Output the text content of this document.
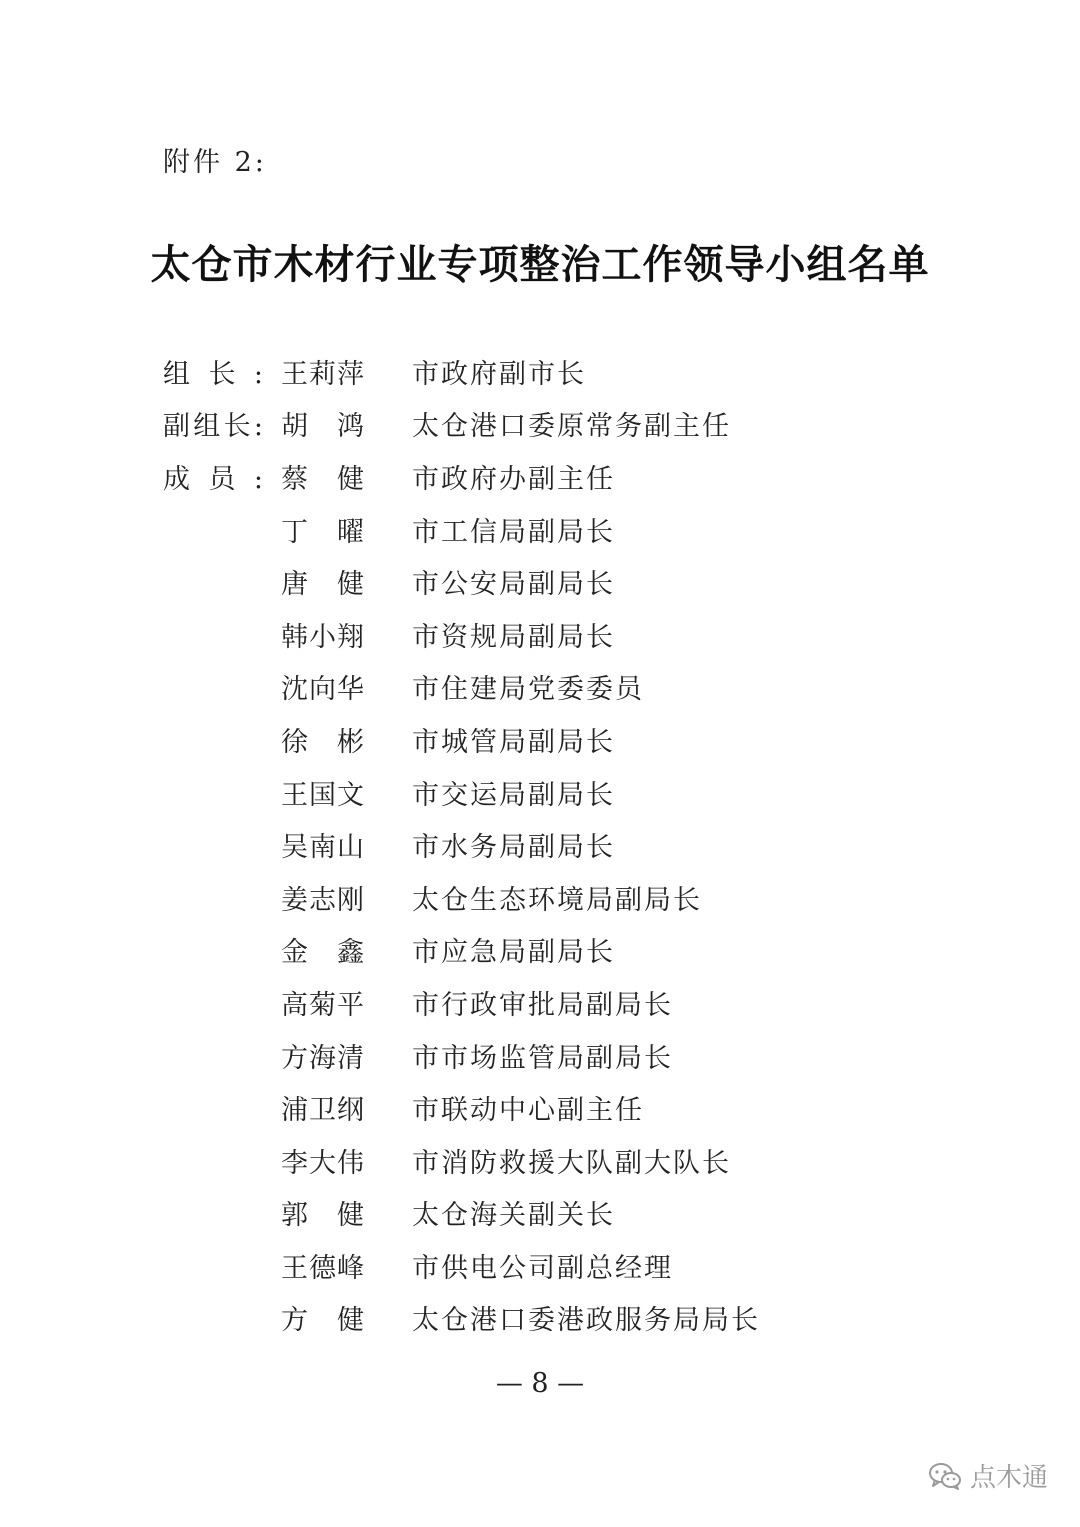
附件 2:
太仓市木材行业专项整治工作领导小组名单
组长: 王莉萍 市政府副市长
副组长: 胡鸿 太仓港口委原常务副主任
成员: 蔡健 市政府办副主任
丁曜 市工信局副局长
唐健 市公安局副局长
韩小翔 市资规局副局长
沈向华 市住建局党委委员
徐彬 市城管局副局长
王国文 市交运局副局长
吴南山 市水务局副局长
姜志刚 太仓生态环境局副局长
金鑫 市应急局副局长
高菊平 市行政审批局副局长
方海清 市市场监管局副局长
浦卫纲 市联动中心副主任
李大伟 市消防救援大队副大队长
郭健 太仓海关副关长
王德峰 市供电公司副总经理
方健 太仓港口委港政服务局局长
— 8 —
点木通
